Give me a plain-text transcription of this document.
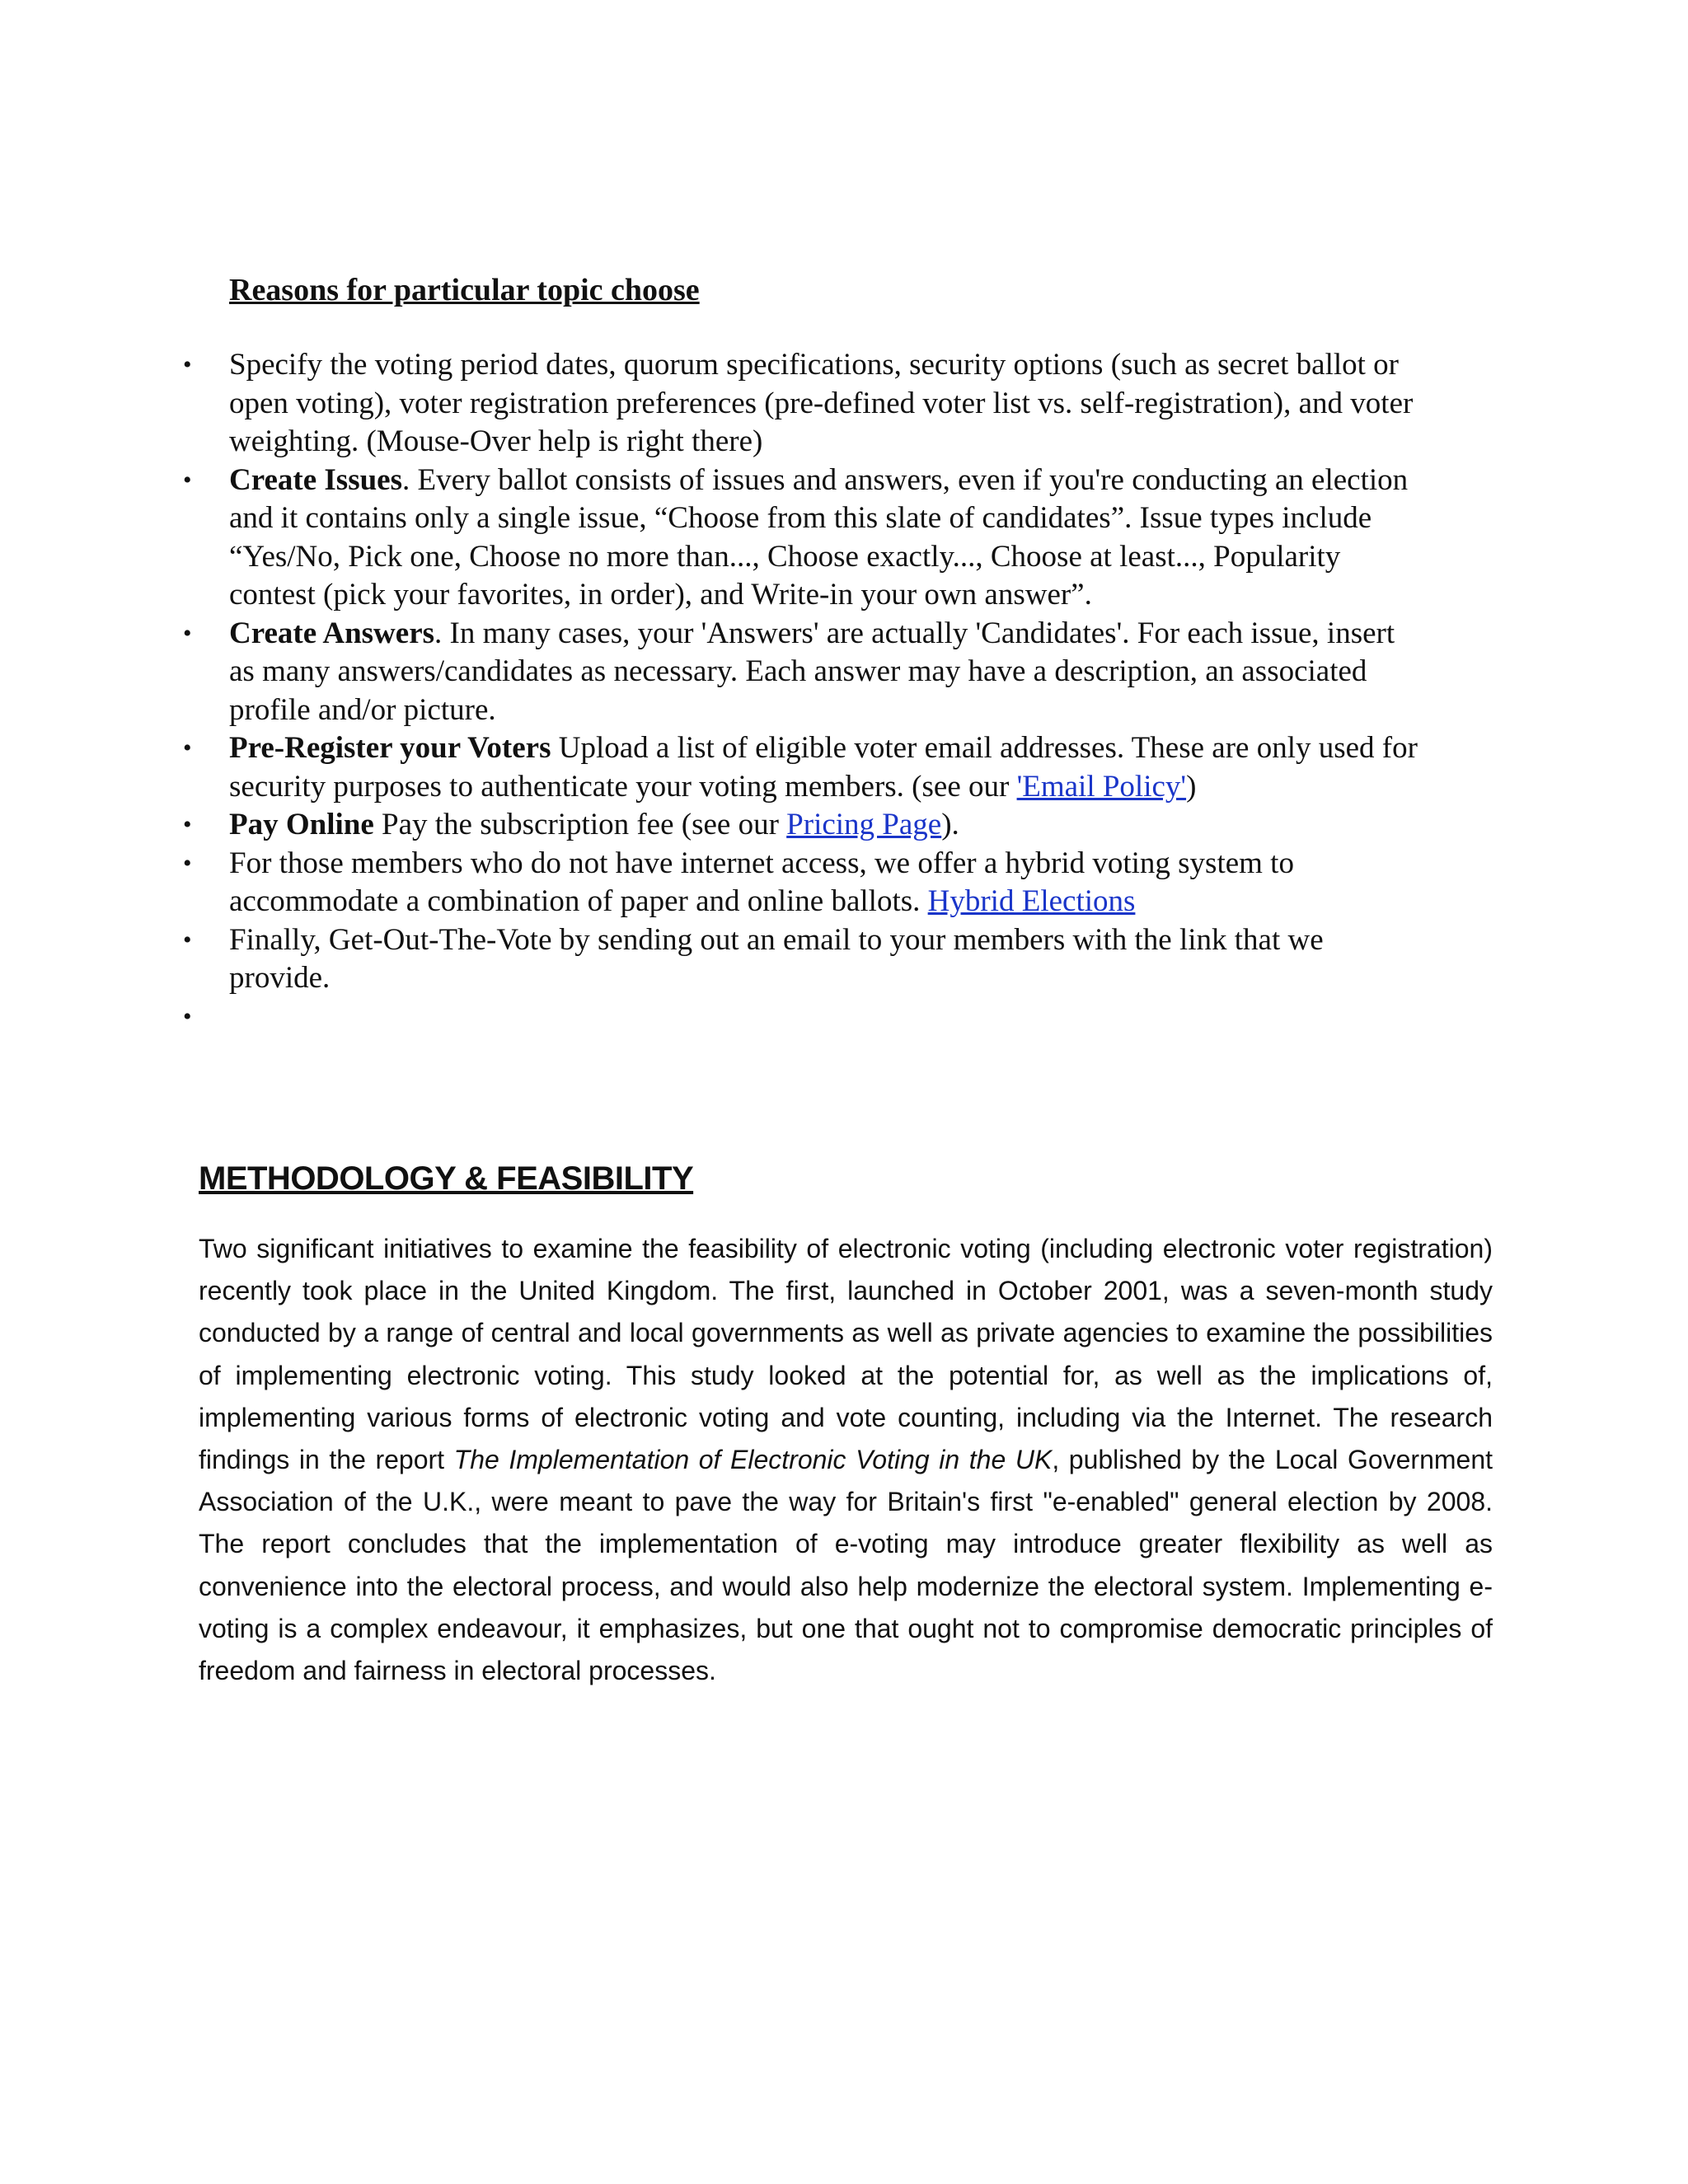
Reasons for particular topic choose
• Specify the voting period dates, quorum specifications, security options (such as secret ballot or open voting), voter registration preferences (pre-defined voter list vs. self-registration), and voter weighting. (Mouse-Over help is right there)
• Create Issues. Every ballot consists of issues and answers, even if you're conducting an election and it contains only a single issue, “Choose from this slate of candidates”. Issue types include “Yes/No, Pick one, Choose no more than..., Choose exactly..., Choose at least..., Popularity contest (pick your favorites, in order), and Write-in your own answer”.
• Create Answers. In many cases, your 'Answers' are actually 'Candidates'. For each issue, insert as many answers/candidates as necessary. Each answer may have a description, an associated profile and/or picture.
• Pre-Register your Voters Upload a list of eligible voter email addresses. These are only used for security purposes to authenticate your voting members. (see our 'Email Policy')
• Pay Online Pay the subscription fee (see our Pricing Page).
• For those members who do not have internet access, we offer a hybrid voting system to accommodate a combination of paper and online ballots. Hybrid Elections
• Finally, Get-Out-The-Vote by sending out an email to your members with the link that we provide.
•
METHODOLOGY & FEASIBILITY

Two significant initiatives to examine the feasibility of electronic voting (including electronic voter registration) recently took place in the United Kingdom. The first, launched in October 2001, was a seven-month study conducted by a range of central and local governments as well as private agencies to examine the possibilities of implementing electronic voting. This study looked at the potential for, as well as the implications of, implementing various forms of electronic voting and vote counting, including via the Internet. The research findings in the report The Implementation of Electronic Voting in the UK, published by the Local Government Association of the U.K., were meant to pave the way for Britain's first "e-enabled" general election by 2008. The report concludes that the implementation of e-voting may introduce greater flexibility as well as convenience into the electoral process, and would also help modernize the electoral system. Implementing e-voting is a complex endeavour, it emphasizes, but one that ought not to compromise democratic principles of freedom and fairness in electoral processes.
